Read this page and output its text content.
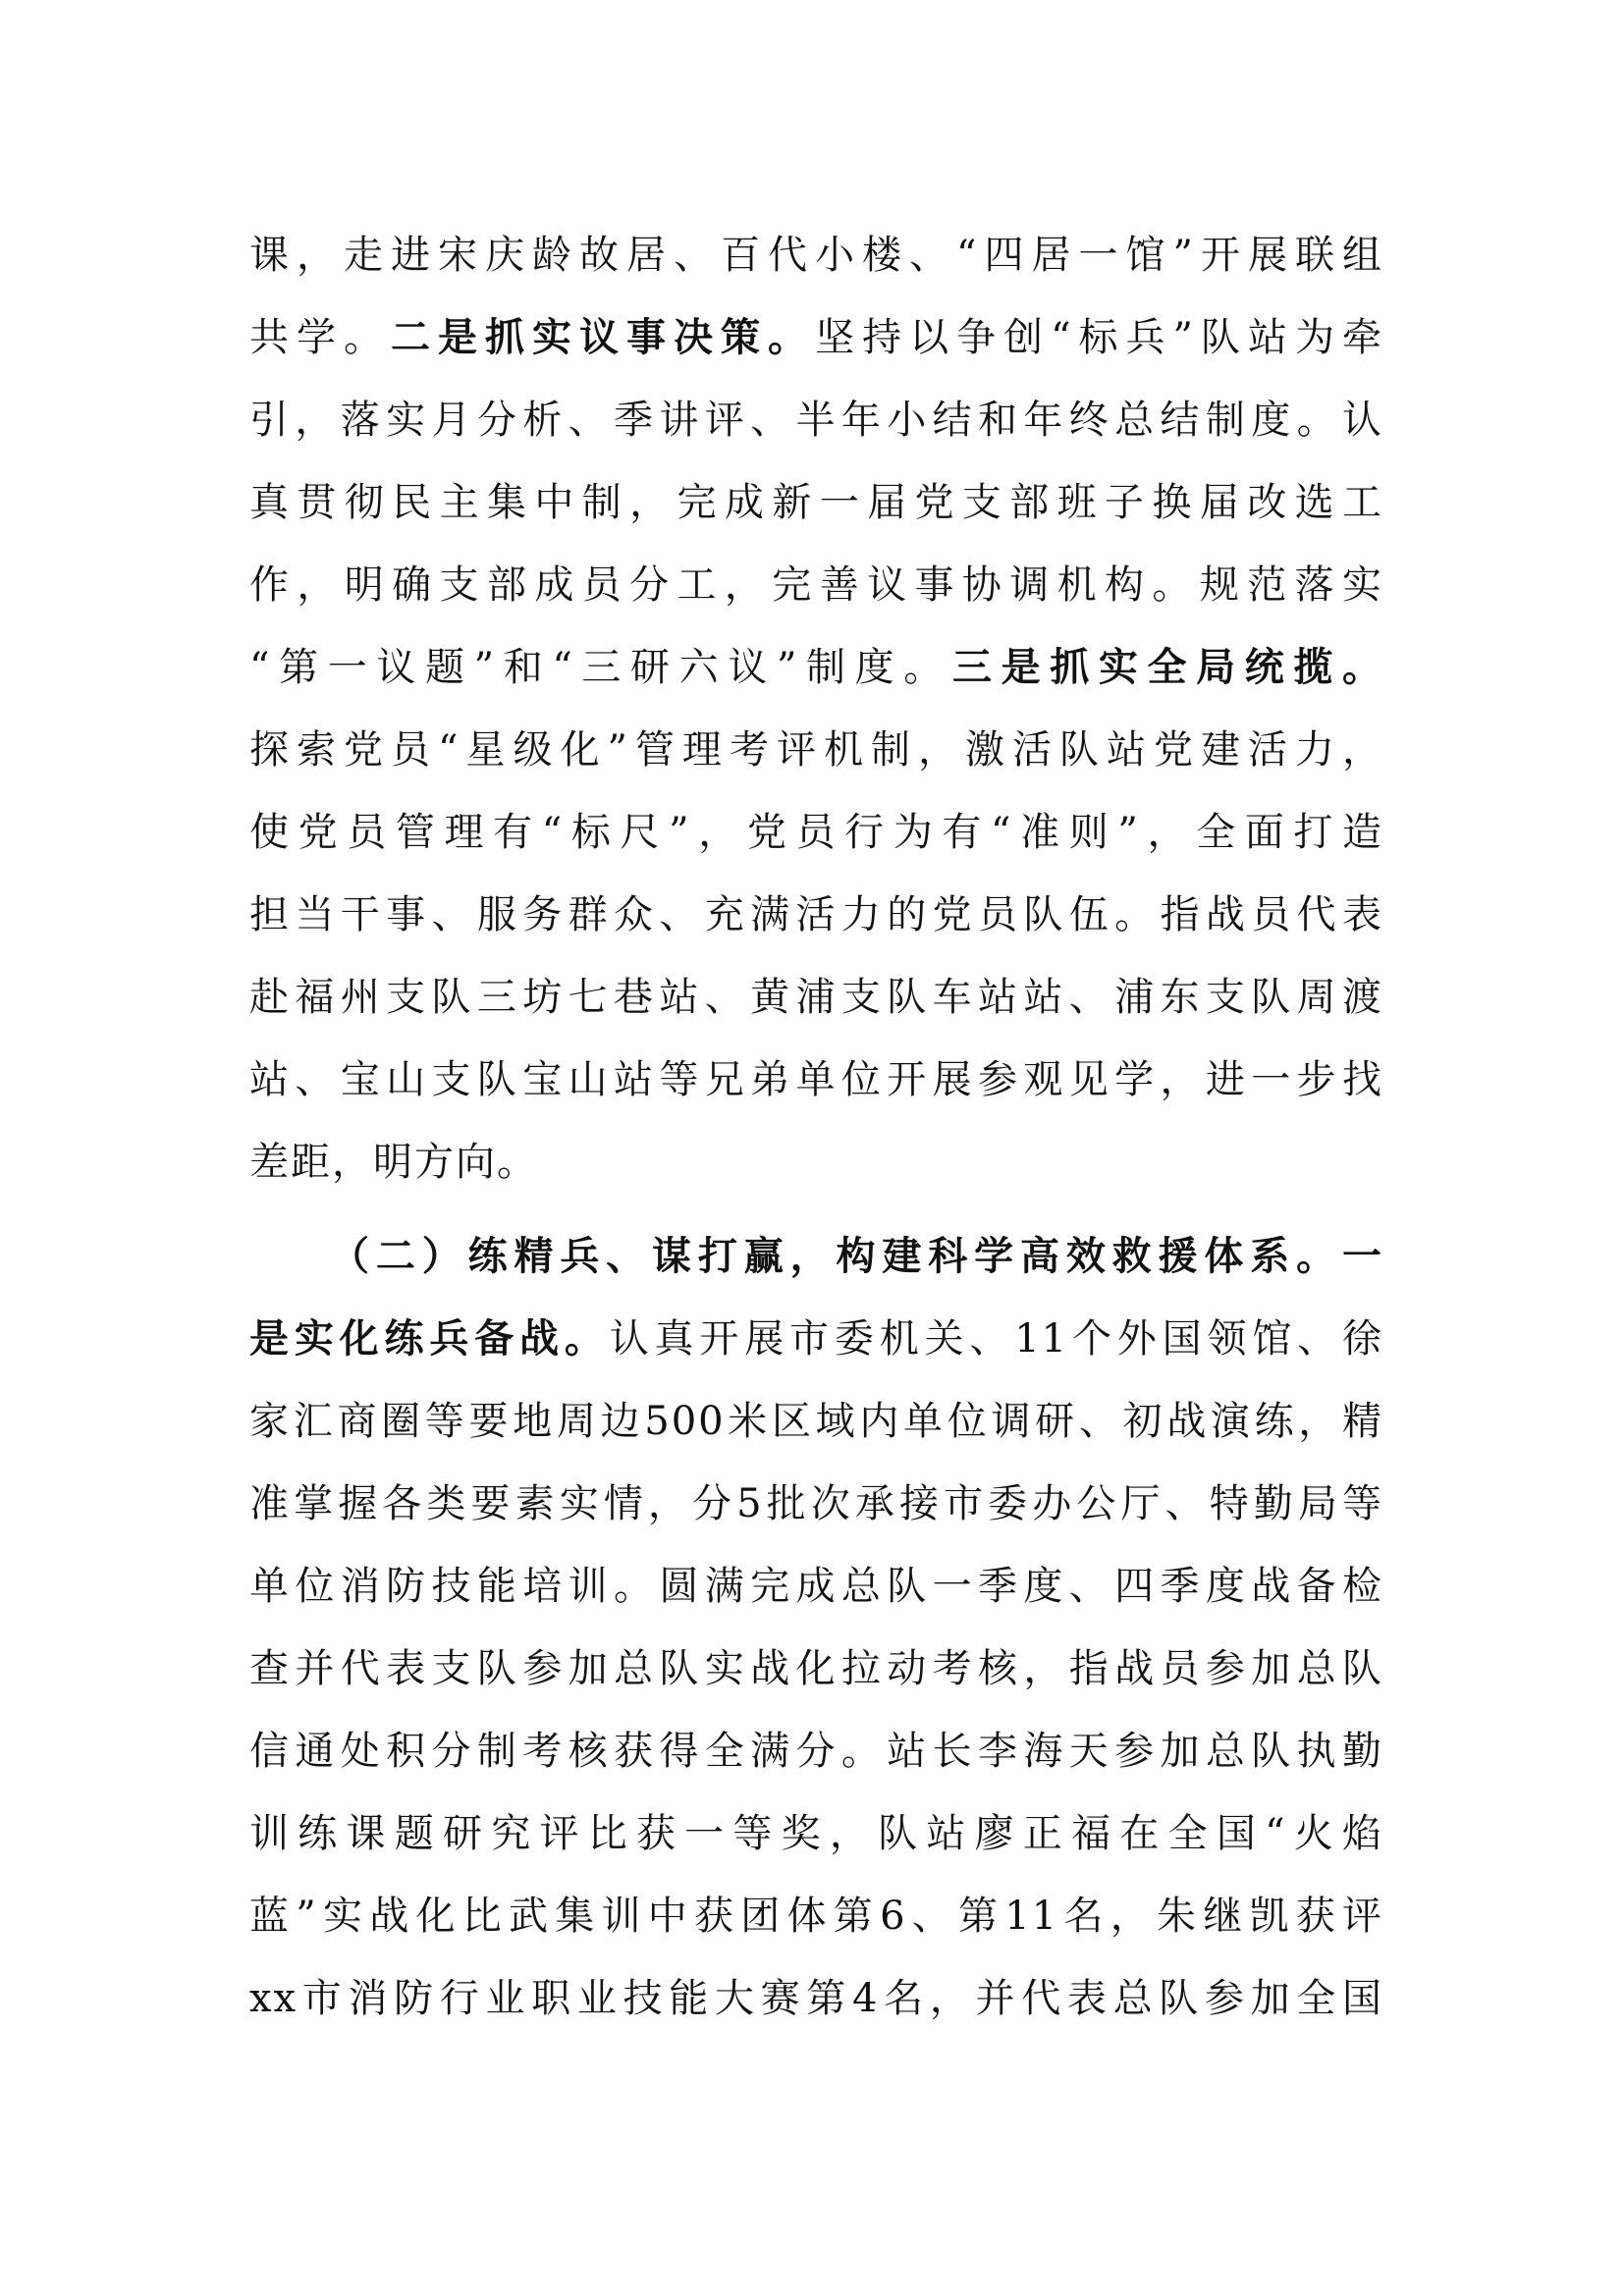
课，走进宋庆龄故居、百代小楼、“四居一馆”开展联组
共学。二是抓实议事决策。坚持以争创“标兵”队站为牵
引，落实月分析、季讲评、半年小结和年终总结制度。认
真贯彻民主集中制，完成新一届党支部班子换届改选工
作，明确支部成员分工，完善议事协调机构。规范落实
“第一议题”和“三研六议”制度。三是抓实全局统揽。
探索党员“星级化”管理考评机制，激活队站党建活力，
使党员管理有“标尺”，党员行为有“准则”，全面打造
担当干事、服务群众、充满活力的党员队伍。指战员代表
赴福州支队三坊七巷站、黄浦支队车站站、浦东支队周渡
站、宝山支队宝山站等兄弟单位开展参观见学，进一步找
差距，明方向。
（二）练精兵、谋打赢，构建科学高效救援体系。一
是实化练兵备战。认真开展市委机关、11个外国领馆、徐
家汇商圈等要地周边500米区域内单位调研、初战演练，精
准掌握各类要素实情，分5批次承接市委办公厅、特勤局等
单位消防技能培训。圆满完成总队一季度、四季度战备检
查并代表支队参加总队实战化拉动考核，指战员参加总队
信通处积分制考核获得全满分。站长李海天参加总队执勤
训练课题研究评比获一等奖，队站廖正福在全国“火焰
蓝”实战化比武集训中获团体第6、第11名，朱继凯获评
xx市消防行业职业技能大赛第4名，并代表总队参加全国
